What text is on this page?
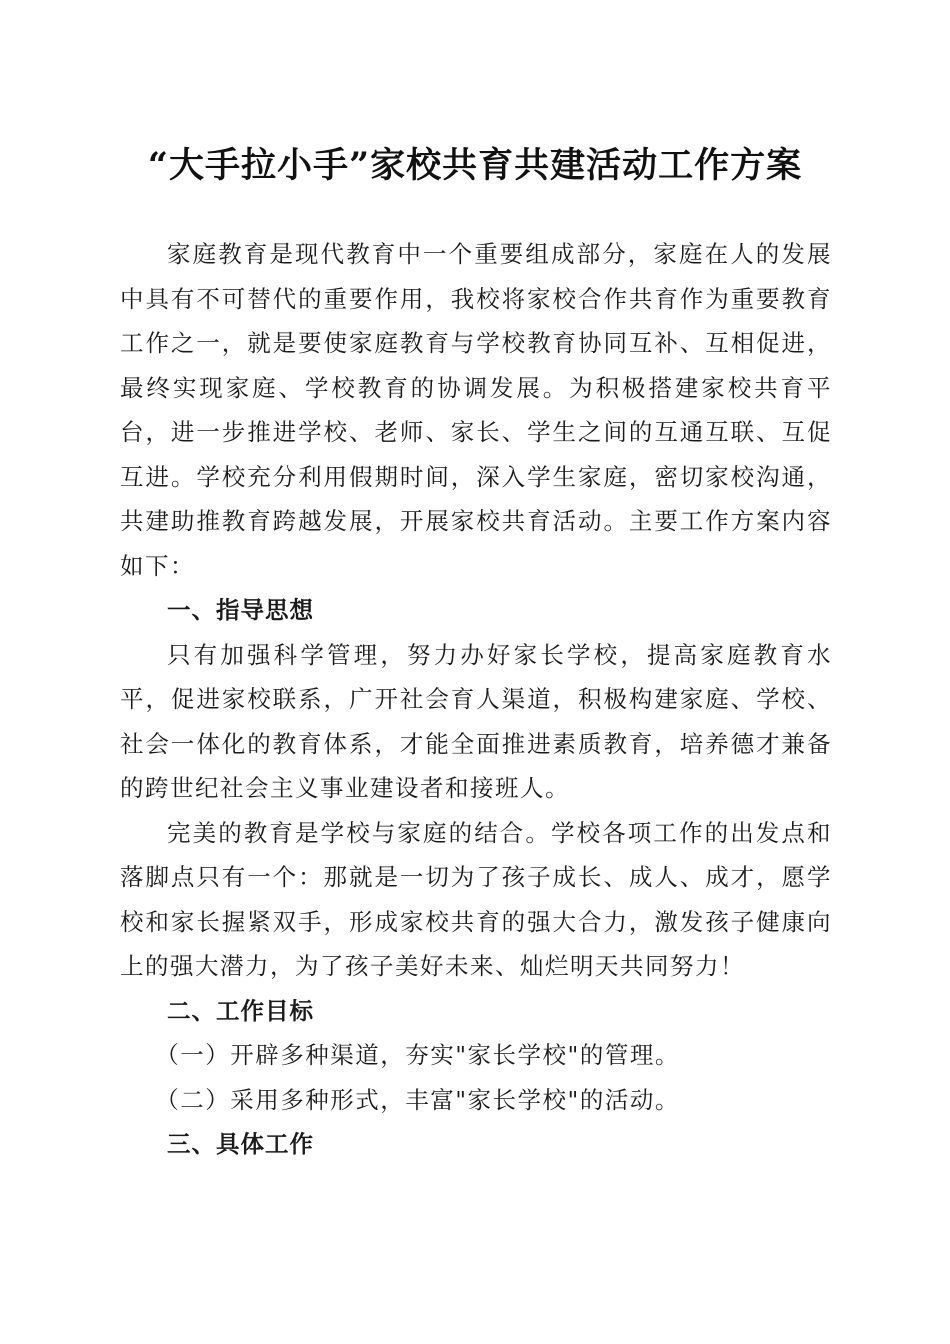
“大手拉小手”家校共育共建活动工作方案

家庭教育是现代教育中一个重要组成部分，家庭在人的发展中具有不可替代的重要作用，我校将家校合作共育作为重要教育工作之一，就是要使家庭教育与学校教育协同互补、互相促进，最终实现家庭、学校教育的协调发展。为积极搭建家校共育平台，进一步推进学校、老师、家长、学生之间的互通互联、互促互进。学校充分利用假期时间，深入学生家庭，密切家校沟通，共建助推教育跨越发展，开展家校共育活动。主要工作方案内容如下：

一、指导思想

只有加强科学管理，努力办好家长学校，提高家庭教育水平，促进家校联系，广开社会育人渠道，积极构建家庭、学校、社会一体化的教育体系，才能全面推进素质教育，培养德才兼备的跨世纪社会主义事业建设者和接班人。

完美的教育是学校与家庭的结合。学校各项工作的出发点和落脚点只有一个：那就是一切为了孩子成长、成人、成才，愿学校和家长握紧双手，形成家校共育的强大合力，激发孩子健康向上的强大潜力，为了孩子美好未来、灿烂明天共同努力！

二、工作目标

（一）开辟多种渠道，夯实"家长学校"的管理。

（二）采用多种形式，丰富"家长学校"的活动。

三、具体工作
